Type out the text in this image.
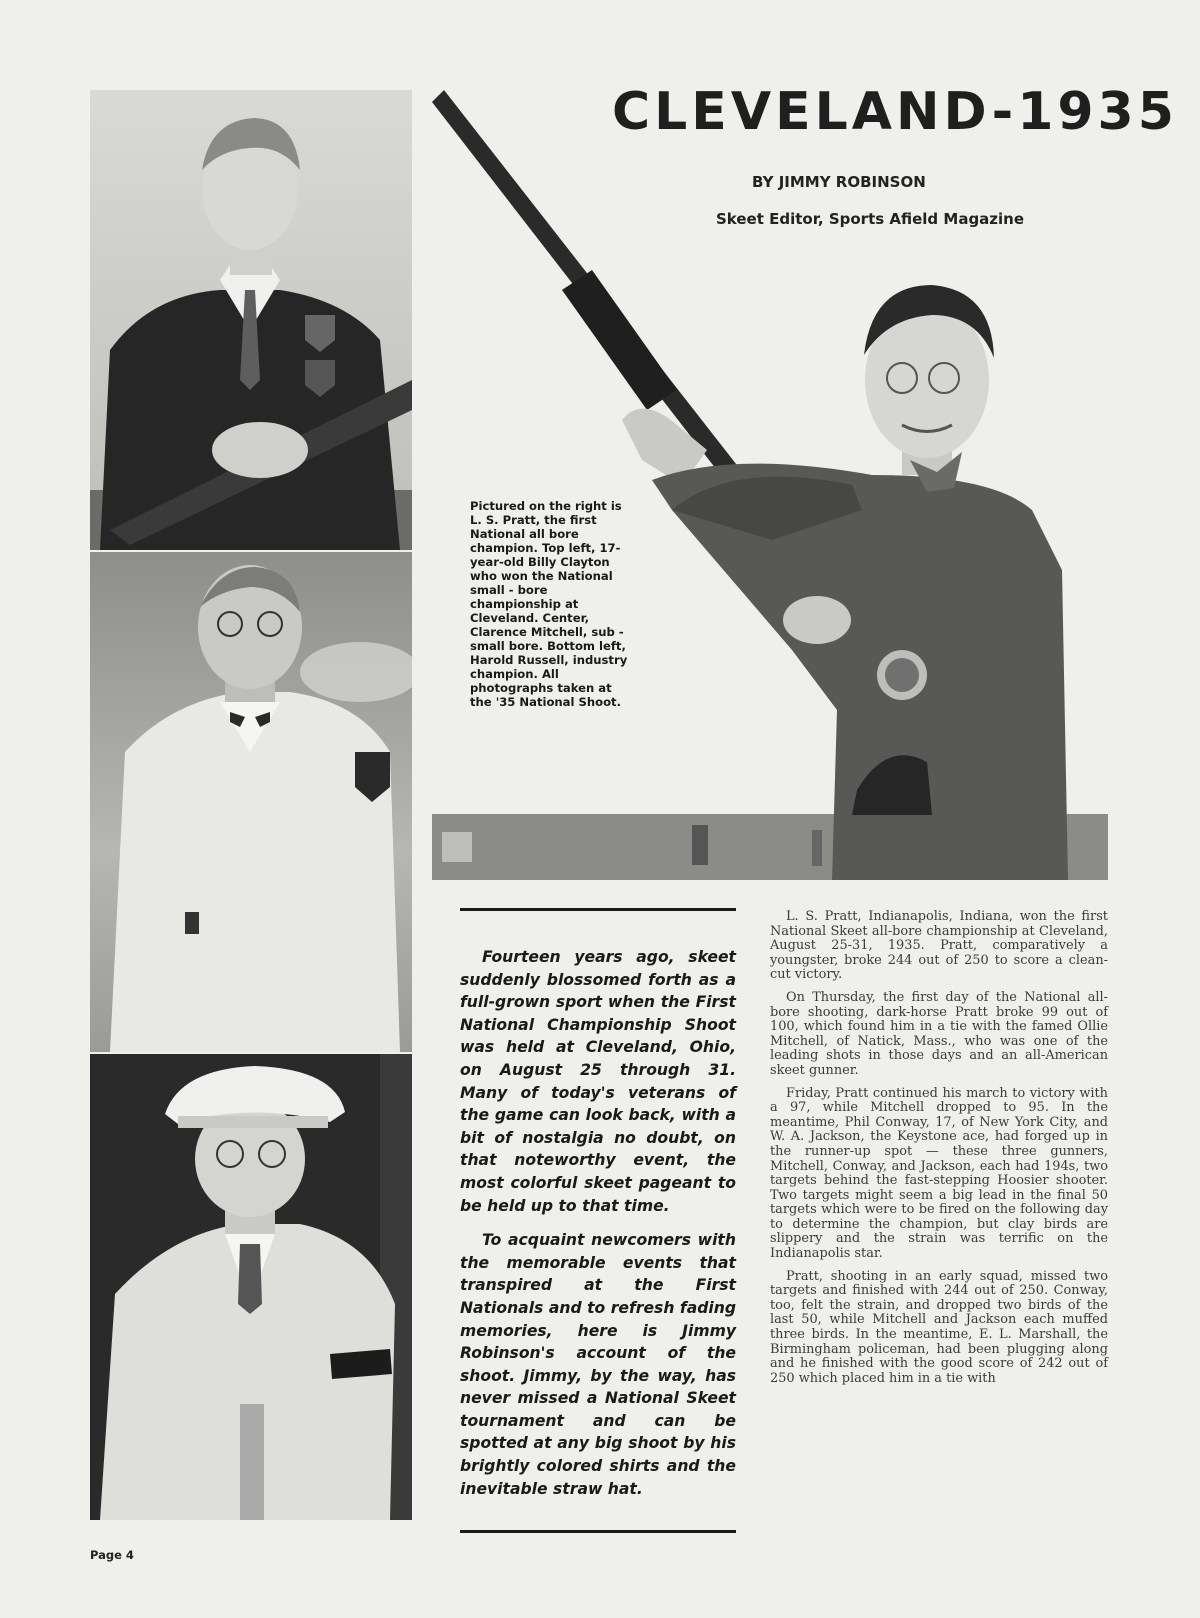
CLEVELAND-1935
BY JIMMY ROBINSON
Skeet Editor, Sports Afield Magazine
Pictured on the right is L. S. Pratt, the first National all bore champion. Top left, 17-year-old Billy Clayton who won the National small - bore championship at Cleveland. Center, Clarence Mitchell, sub - small bore. Bottom left, Harold Russell, industry champion. All photographs taken at the '35 National Shoot.

Fourteen years ago, skeet suddenly blossomed forth as a full-grown sport when the First National Championship Shoot was held at Cleveland, Ohio, on August 25 through 31. Many of today's veterans of the game can look back, with a bit of nostalgia no doubt, on that noteworthy event, the most colorful skeet pageant to be held up to that time.

To acquaint newcomers with the memorable events that transpired at the First Nationals and to refresh fading memories, here is Jimmy Robinson's account of the shoot. Jimmy, by the way, has never missed a National Skeet tournament and can be spotted at any big shoot by his brightly colored shirts and the inevitable straw hat.

L. S. Pratt, Indianapolis, Indiana, won the first National Skeet all-bore championship at Cleveland, August 25-31, 1935. Pratt, comparatively a youngster, broke 244 out of 250 to score a clean-cut victory.

On Thursday, the first day of the National all-bore shooting, dark-horse Pratt broke 99 out of 100, which found him in a tie with the famed Ollie Mitchell, of Natick, Mass., who was one of the leading shots in those days and an all-American skeet gunner.

Friday, Pratt continued his march to victory with a 97, while Mitchell dropped to 95. In the meantime, Phil Conway, 17, of New York City, and W. A. Jackson, the Keystone ace, had forged up in the runner-up spot — these three gunners, Mitchell, Conway, and Jackson, each had 194s, two targets behind the fast-stepping Hoosier shooter. Two targets might seem a big lead in the final 50 targets which were to be fired on the following day to determine the champion, but clay birds are slippery and the strain was terrific on the Indianapolis star.

Pratt, shooting in an early squad, missed two targets and finished with 244 out of 250. Conway, too, felt the strain, and dropped two birds of the last 50, while Mitchell and Jackson each muffed three birds. In the meantime, E. L. Marshall, the Birmingham policeman, had been plugging along and he finished with the good score of 242 out of 250 which placed him in a tie with

Page 4
